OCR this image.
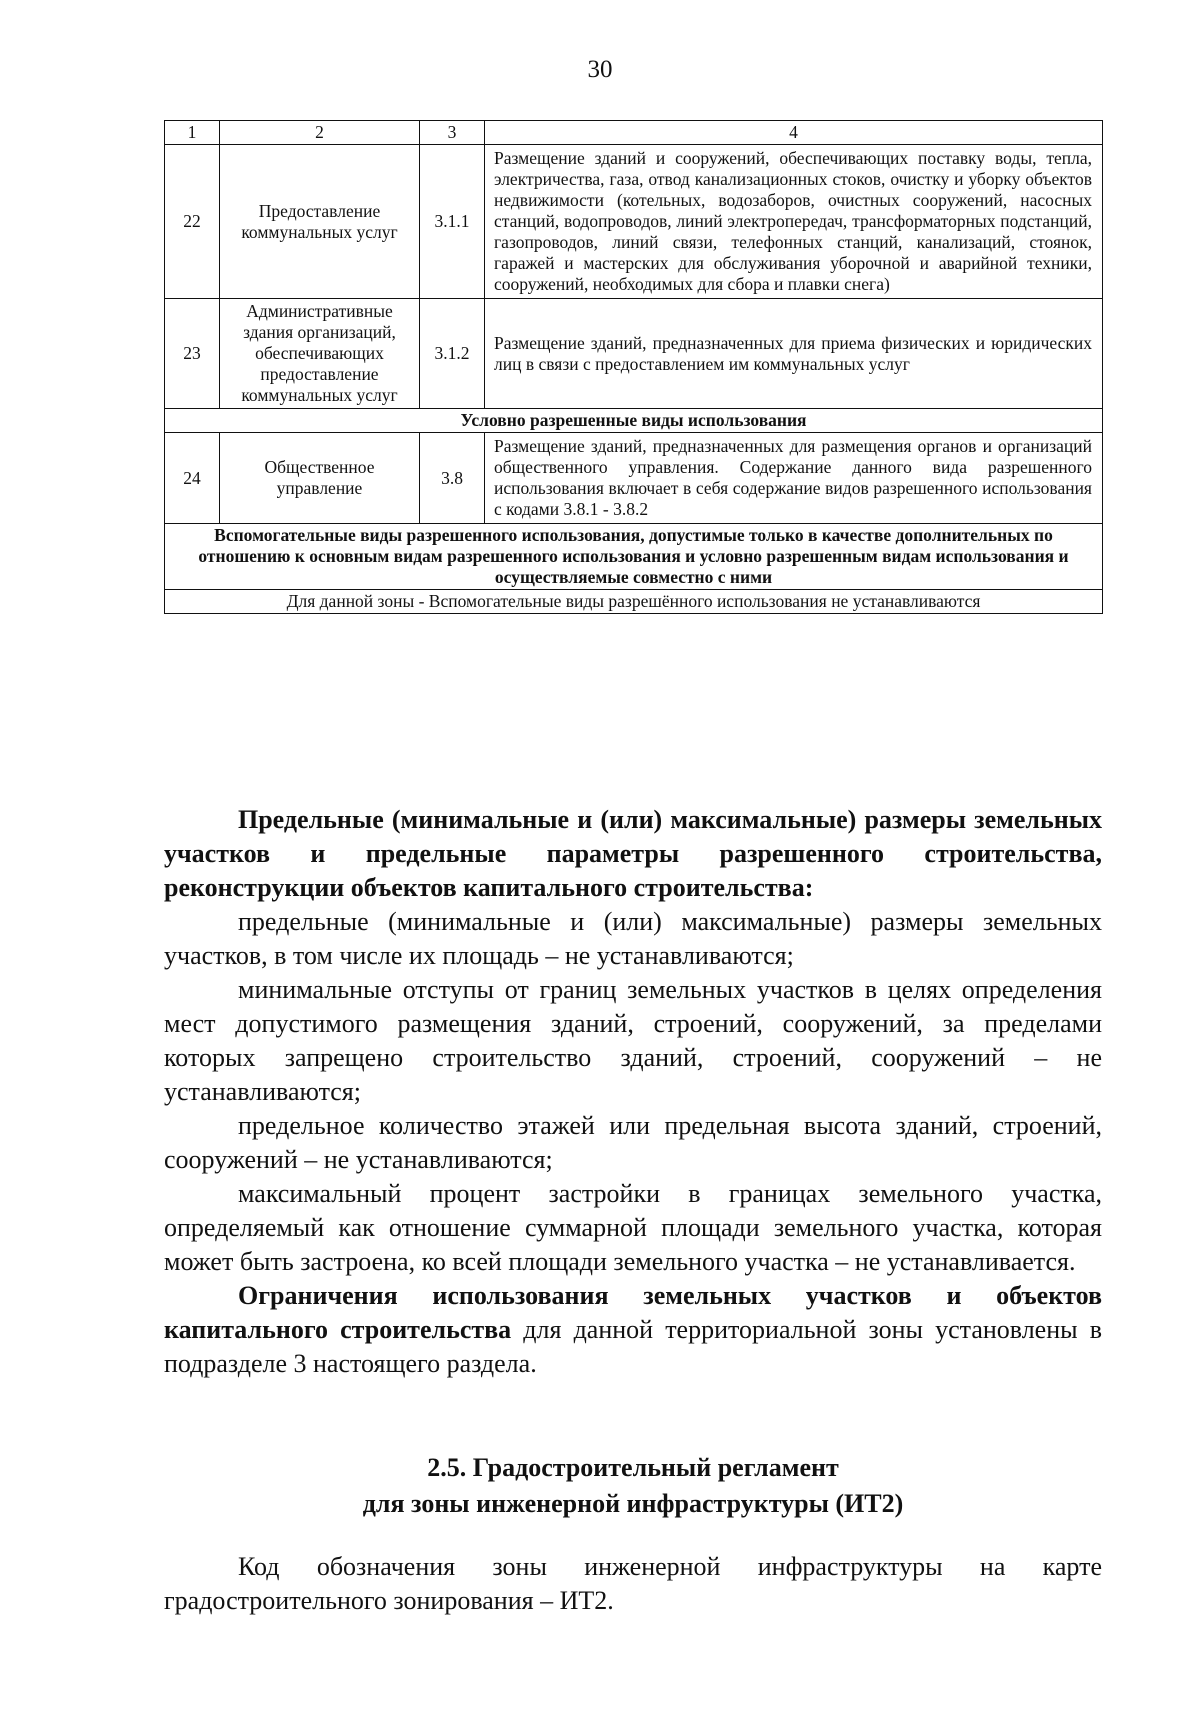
30
1	2	3	4
22	Предоставление коммунальных услуг	3.1.1	Размещение зданий и сооружений, обеспечивающих поставку воды, тепла, электричества, газа, отвод канализационных стоков, очистку и уборку объектов недвижимости (котельных, водозаборов, очистных сооружений, насосных станций, водопроводов, линий электропередач, трансформаторных подстанций, газопроводов, линий связи, телефонных станций, канализаций, стоянок, гаражей и мастерских для обслуживания уборочной и аварийной техники, сооружений, необходимых для сбора и плавки снега)
23	Административные здания организаций, обеспечивающих предоставление коммунальных услуг	3.1.2	Размещение зданий, предназначенных для приема физических и юридических лиц в связи с предоставлением им коммунальных услуг
Условно разрешенные виды использования			
24	Общественное управление	3.8	Размещение зданий, предназначенных для размещения органов и организаций общественного управления. Содержание данного вида разрешенного использования включает в себя содержание видов разрешенного использования с кодами 3.8.1 - 3.8.2
Вспомогательные виды разрешенного использования, допустимые только в качестве дополнительных по отношению к основным видам разрешенного использования и условно разрешенным видам использования и осуществляемые совместно с ними			
Для данной зоны - Вспомогательные виды разрешённого использования не устанавливаются			

Предельные (минимальные и (или) максимальные) размеры земельных участков и предельные параметры разрешенного строительства, реконструкции объектов капитального строительства:

предельные (минимальные и (или) максимальные) размеры земельных участков, в том числе их площадь – не устанавливаются;

минимальные отступы от границ земельных участков в целях определения мест допустимого размещения зданий, строений, сооружений, за пределами которых запрещено строительство зданий, строений, сооружений – не устанавливаются;

предельное количество этажей или предельная высота зданий, строений, сооружений – не устанавливаются;

максимальный процент застройки в границах земельного участка, определяемый как отношение суммарной площади земельного участка, которая может быть застроена, ко всей площади земельного участка – не устанавливается.

Ограничения использования земельных участков и объектов капитального строительства для данной территориальной зоны установлены в подразделе 3 настоящего раздела.

2.5. Градостроительный регламент
для зоны инженерной инфраструктуры (ИТ2)

Код обозначения зоны инженерной инфраструктуры на карте градостроительного зонирования – ИТ2.
